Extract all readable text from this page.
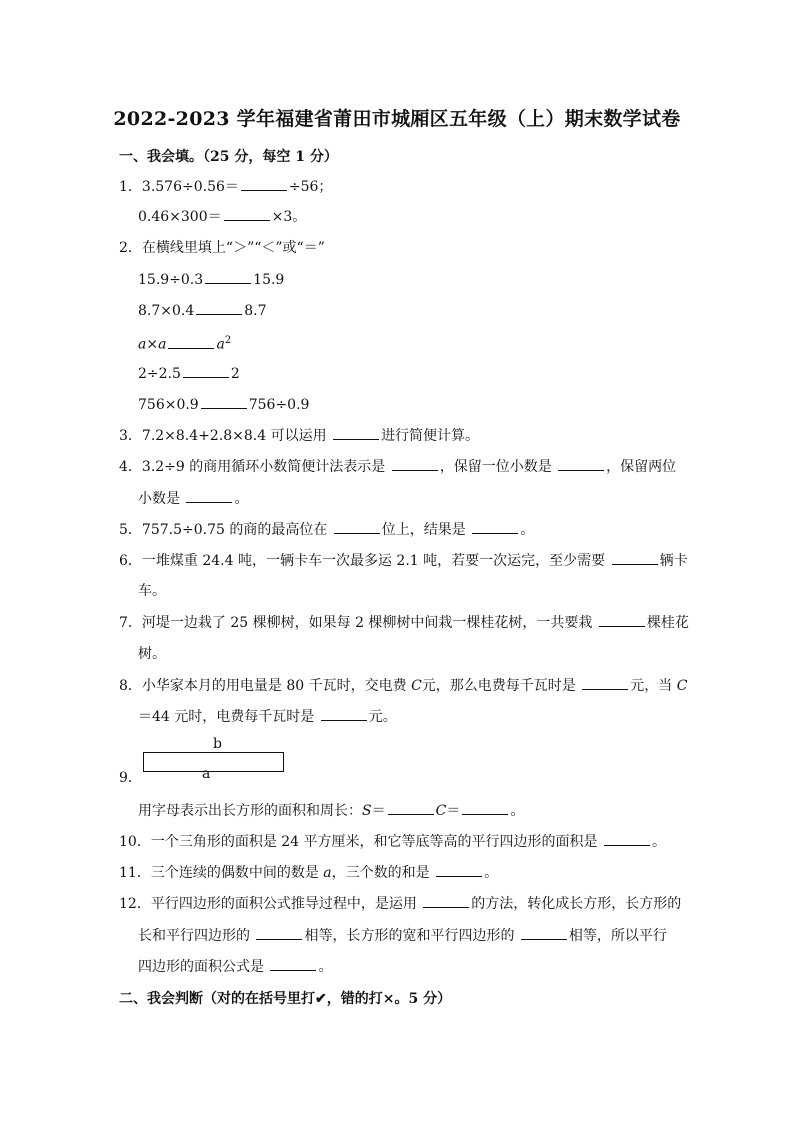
2022-2023 学年福建省莆田市城厢区五年级（上）期末数学试卷
一、我会填。（25 分，每空 1 分）
1．3.576÷0.56＝	÷56；
0.46×300＝	×3。
2．在横线里填上“＞”“＜”或“＝”
15.9÷0.3	15.9
8.7×0.4	8.7
a×a	$a^2$
2÷2.5	2
756×0.9	756÷0.9
3．7.2×8.4+2.8×8.4 可以运用	进行简便计算。
4．3.2÷9 的商用循环小数简便计法表示是	，保留一位小数是	，保留两位
小数是	。
5．757.5÷0.75 的商的最高位在	位上，结果是	。
6．一堆煤重 24.4 吨，一辆卡车一次最多运 2.1 吨，若要一次运完，至少需要	辆卡
车。
7．河堤一边栽了 25 棵柳树，如果每 2 棵柳树中间栽一棵桂花树，一共要栽	棵桂花
树。
8．小华家本月的用电量是 80 千瓦时，交电费 C元，那么电费每千瓦时是	元，当 C
＝44 元时，电费每千瓦时是	元。
b
a
9．
用字母表示出长方形的面积和周长：S＝	C＝	。
10．一个三角形的面积是 24 平方厘米，和它等底等高的平行四边形的面积是	。
11．三个连续的偶数中间的数是 a，三个数的和是	。
12．平行四边形的面积公式推导过程中，是运用	的方法，转化成长方形，长方形的
长和平行四边形的	相等，长方形的宽和平行四边形的	相等，所以平行
四边形的面积公式是	。
二、我会判断（对的在括号里打✔，错的打×。5 分）
